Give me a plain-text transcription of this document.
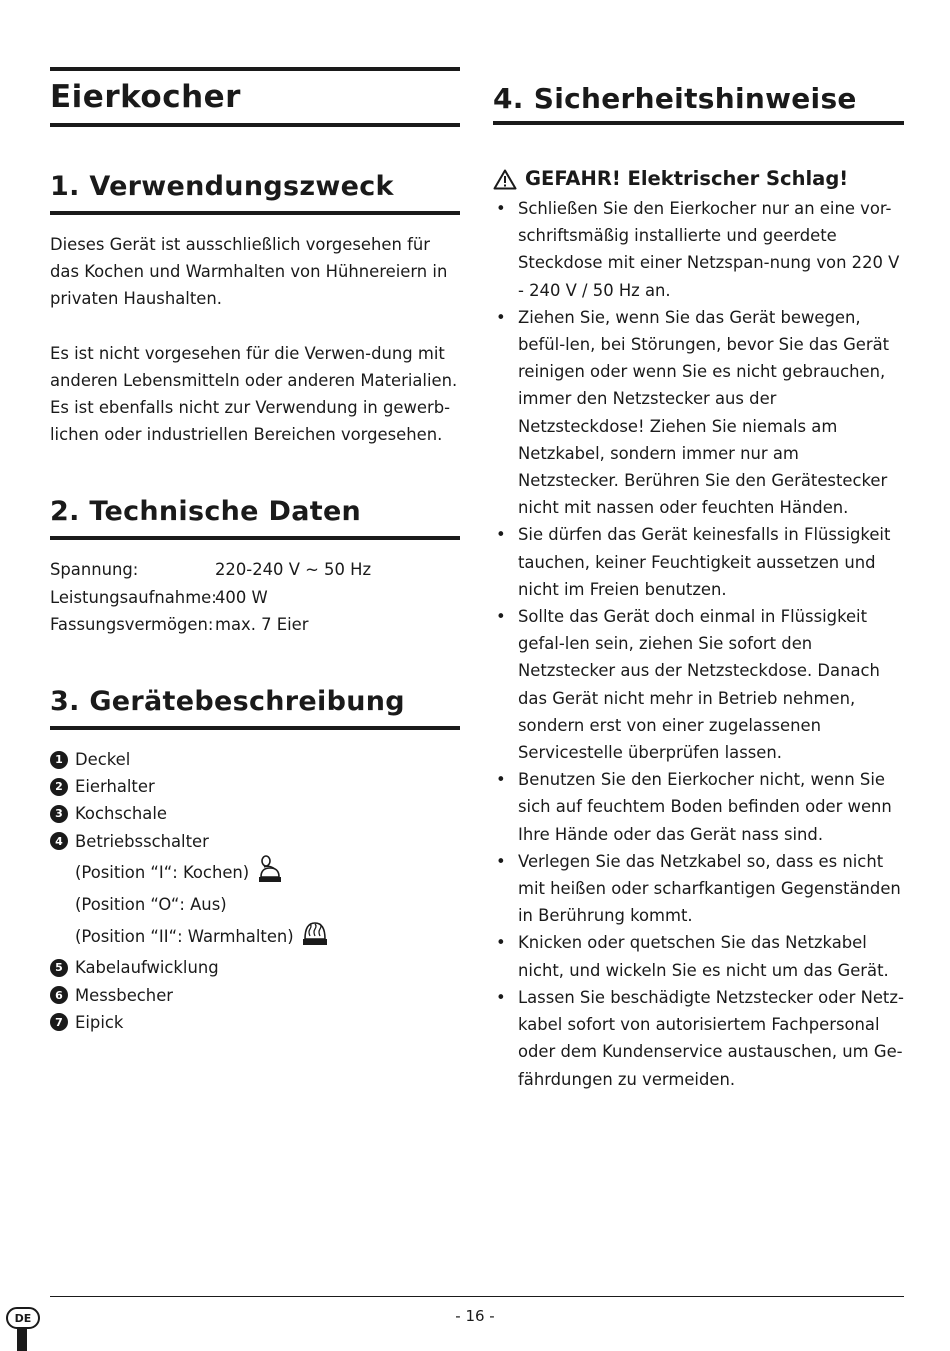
Eierkocher
1. Verwendungszweck

Dieses Gerät ist ausschließlich vorgesehen für das Kochen und Warmhalten von Hühnereiern in privaten Haushalten.

Es ist nicht vorgesehen für die Verwen-dung mit anderen Lebensmitteln oder anderen Materialien. Es ist ebenfalls nicht zur Verwendung in gewerb-lichen oder industriellen Bereichen vorgesehen.

2. Technische Daten
Spannung:	220-240 V ~ 50 Hz
Leistungsaufnahme:
400 W
Fassungsvermögen: max. 7 Eier
3. Gerätebeschreibung
1 Deckel
2 Eierhalter
3 Kochschale
4 Betriebsschalter
(Position “I“: Kochen)
(Position “O“: Aus)
(Position “II“: Warmhalten)
5 Kabelaufwicklung
6 Messbecher
7 Eipick
4. Sicherheitshinweise
GEFAHR! Elektrischer Schlag!
• Schließen Sie den Eierkocher nur an eine vor-schriftsmäßig installierte und geerdete Steckdose mit einer Netzspan-nung von 220 V - 240 V / 50 Hz an.
• Ziehen Sie, wenn Sie das Gerät bewegen, befül-len, bei Störungen, bevor Sie das Gerät reinigen oder wenn Sie es nicht gebrauchen, immer den Netzstecker aus der Netzsteckdose! Ziehen Sie niemals am Netzkabel, sondern immer nur am Netzstecker. Berühren Sie den Gerätestecker nicht mit nassen oder feuchten Händen.
• Sie dürfen das Gerät keinesfalls in Flüssigkeit tauchen, keiner Feuchtigkeit aussetzen und nicht im Freien benutzen.
• Sollte das Gerät doch einmal in Flüssigkeit gefal-len sein, ziehen Sie sofort den Netzstecker aus der Netzsteckdose. Danach das Gerät nicht mehr in Betrieb nehmen, sondern erst von einer zugelassenen Servicestelle überprüfen lassen.
• Benutzen Sie den Eierkocher nicht, wenn Sie sich auf feuchtem Boden befinden oder wenn Ihre Hände oder das Gerät nass sind.
• Verlegen Sie das Netzkabel so, dass es nicht mit heißen oder scharfkantigen Gegenständen in Berührung kommt.
• Knicken oder quetschen Sie das Netzkabel nicht, und wickeln Sie es nicht um das Gerät.
• Lassen Sie beschädigte Netzstecker oder Netz-kabel sofort von autorisiertem Fachpersonal oder dem Kundenservice austauschen, um Ge-fährdungen zu vermeiden.
- 16 -
DE
